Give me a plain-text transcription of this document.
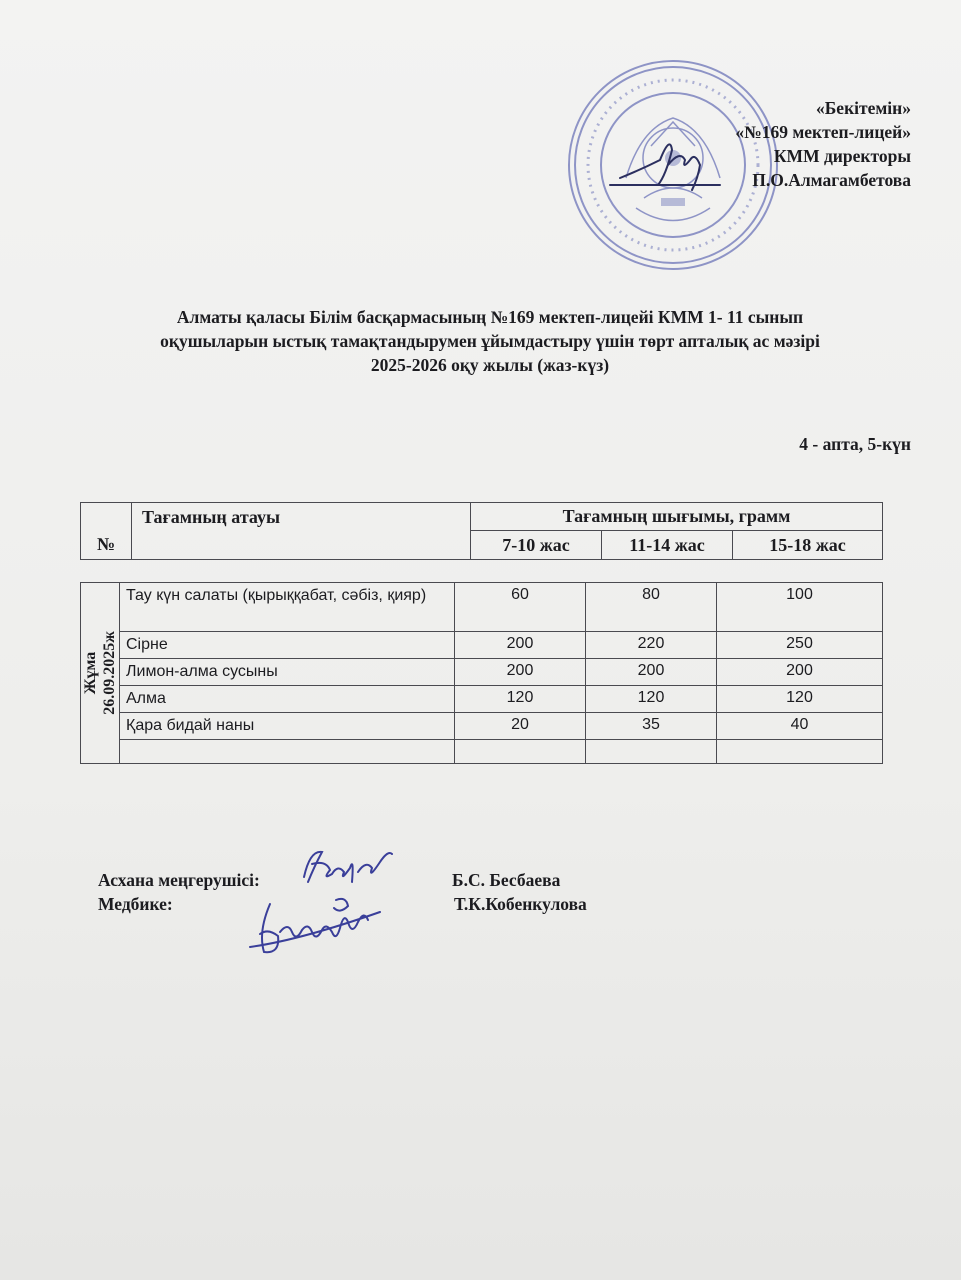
«Бекітемін»
«№169 мектеп-лицей»
КММ директоры
П.О.Алмагамбетова
Алматы қаласы Білім басқармасының №169 мектеп-лицейі КММ 1- 11 сынып
оқушыларын ыстық тамақтандырумен ұйымдастыру үшін төрт апталық ас мәзірі
2025-2026 оқу жылы (жаз-күз)
4 - апта, 5-күн
№	Тағамның атауы	Тағамның шығымы, грамм		
		7-10 жас	11-14 жас	15-18 жас
Жұма 26.09.2025ж	Тау күн салаты (қырыққабат, сәбіз, қияр)	60	80	100
	Сірне	200	220	250
	Лимон-алма сусыны	200	200	200
	Алма	120	120	120
	Қара бидай наны	20	35	40

Асхана меңгерушісі:	Б.С. Бесбаева
Медбике:	Т.К.Кобенкулова
